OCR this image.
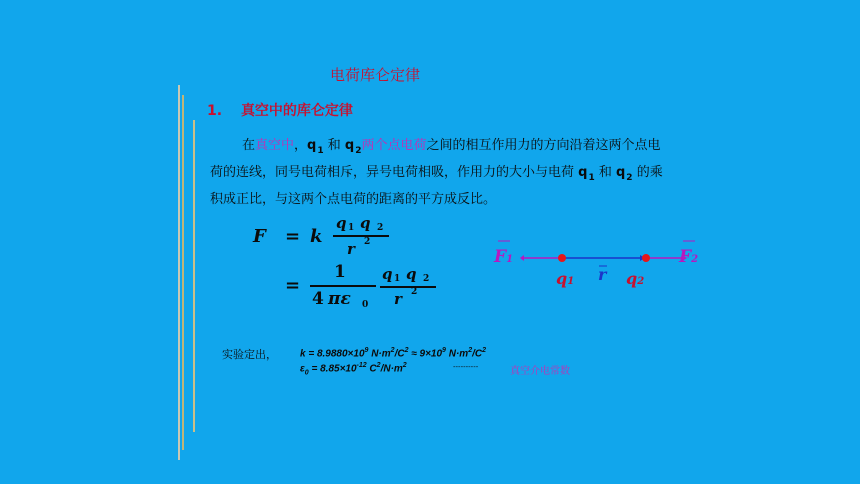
电荷库仑定律
1. 真空中的库仑定律
在真空中，$q_1$ 和 $q_2$两个点电荷之间的相互作用力的方向沿着这两个点电
荷的连线，同号电荷相斥，异号电荷相吸，作用力的大小与电荷 $q_1$ 和 $q_2$ 的乘
积成正比，与这两个点电荷的距离的平方成反比。
F = k
q 1 q 2
r 2
=
1
4 πε 0
q 1 q 2
r 2
F1	F2
q1 r q2
实验定出， $k = 8.9880\times 10^9$ $N\cdot m^2/C^2 \approx 9\times 10^9$ $N\cdot m^2/C^2$
$\varepsilon_0 = 8.85\times 10^{-12}$ $C^2/N\cdot m^2$	----------	真空介电常数
